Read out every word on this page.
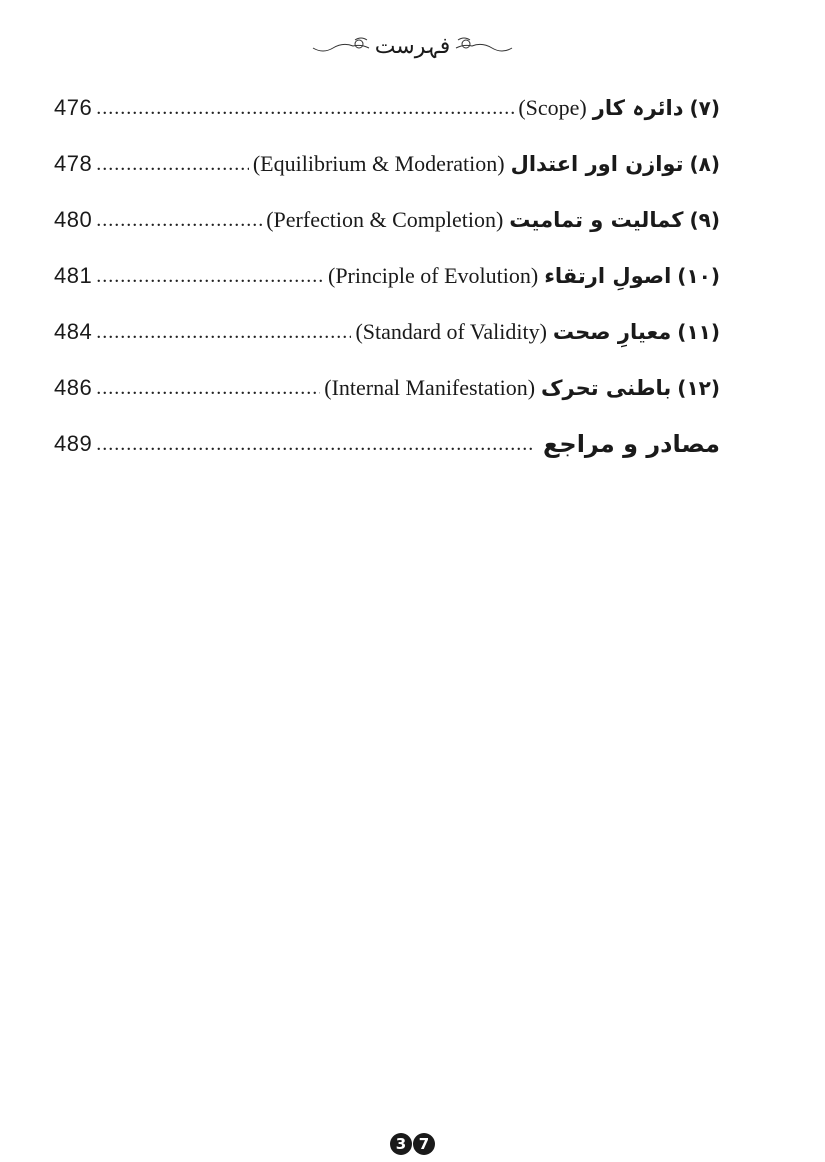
فہرست
476 .....	(Scope) دائرہ کار (۷)
478 .....	(Equilibrium & Moderation) توازن اور اعتدال (۸)
480 .....	(Perfection & Completion) کمالیت و تمامیت (۹)
481 .....	(Principle of Evolution) اصولِ ارتقاء (۱۰)
484 .....	(Standard of Validity) معیارِ صحت (۱۱)
486 .....	(Internal Manifestation) باطنی تحرک (۱۲)
489 .....	مصادر و مراجع
3 7
